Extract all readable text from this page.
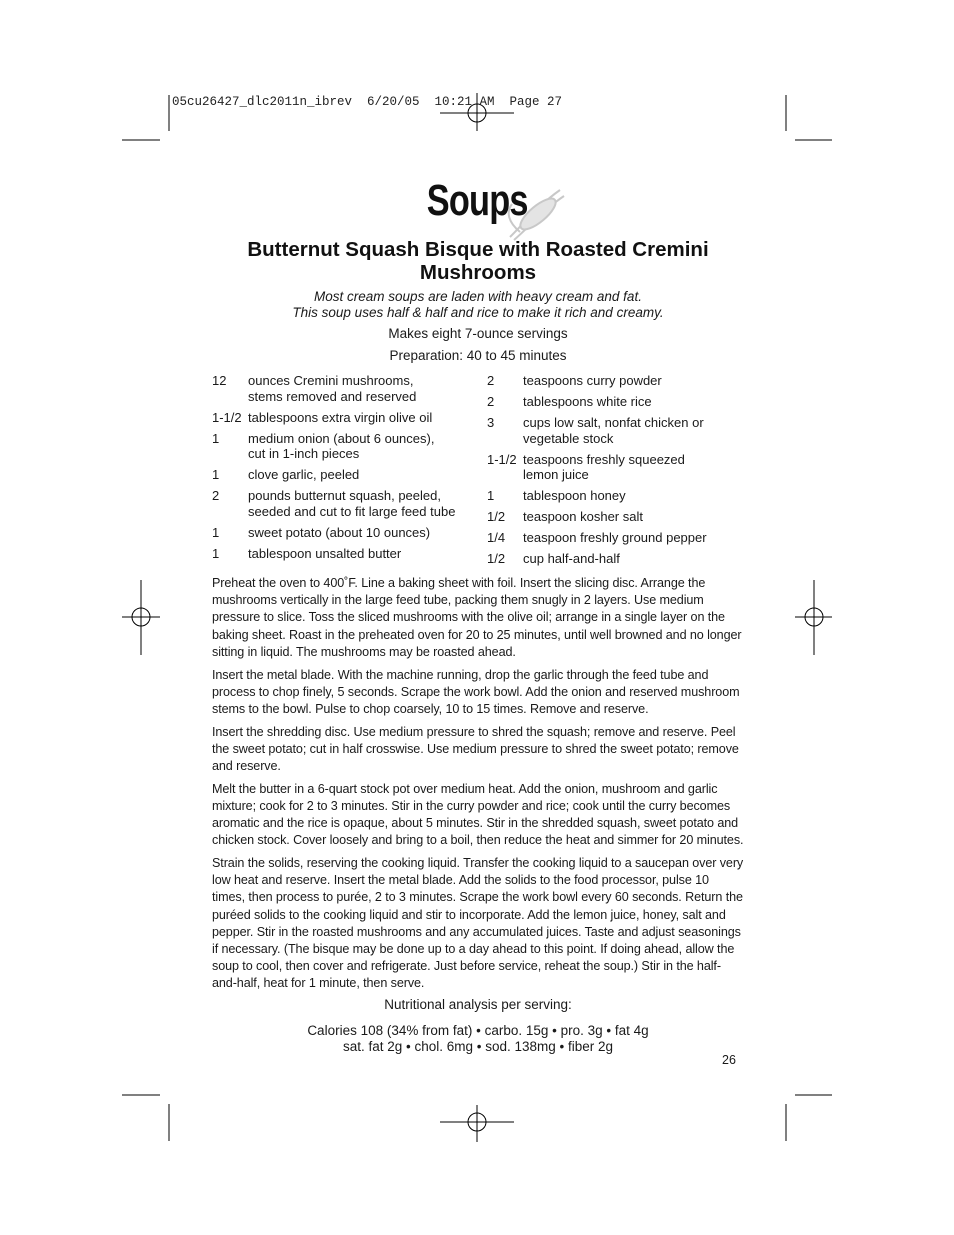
05cu26427_dlc2011n_ibrev  6/20/05  10:21 AM  Page 27
Soups
Butternut Squash Bisque with Roasted Cremini
Mushrooms
Most cream soups are laden with heavy cream and fat.
This soup uses half & half and rice to make it rich and creamy.
Makes eight 7-ounce servings
Preparation: 40 to 45 minutes
12	ounces Cremini mushrooms,
stems removed and reserved
1-1/2 tablespoons extra virgin olive oil
1	medium onion (about 6 ounces),
cut in 1-inch pieces
1	clove garlic, peeled
2	pounds butternut squash, peeled,
seeded and cut to fit large feed tube
1	sweet potato (about 10 ounces)
1	tablespoon unsalted butter
2	teaspoons curry powder
2	tablespoons white rice
3	cups low salt, nonfat chicken or
vegetable stock
1-1/2 teaspoons freshly squeezed
lemon juice
1	tablespoon honey
1/2	teaspoon kosher salt
1/4	teaspoon freshly ground pepper
1/2	cup half-and-half

Preheat the oven to 400˚F. Line a baking sheet with foil. Insert the slicing disc. Arrange the mushrooms vertically in the large feed tube, packing them snugly in 2 layers. Use medium pressure to slice. Toss the sliced mushrooms with the olive oil; arrange in a single layer on the baking sheet. Roast in the preheated oven for 20 to 25 minutes, until well browned and no longer sitting in liquid. The mushrooms may be roasted ahead.

Insert the metal blade. With the machine running, drop the garlic through the feed tube and process to chop finely, 5 seconds. Scrape the work bowl. Add the onion and reserved mushroom stems to the bowl. Pulse to chop coarsely, 10 to 15 times. Remove and reserve.

Insert the shredding disc. Use medium pressure to shred the squash; remove and reserve. Peel the sweet potato; cut in half crosswise. Use medium pressure to shred the sweet potato; remove and reserve.

Melt the butter in a 6-quart stock pot over medium heat. Add the onion, mushroom and garlic mixture; cook for 2 to 3 minutes. Stir in the curry powder and rice; cook until the curry becomes aromatic and the rice is opaque, about 5 minutes. Stir in the shredded squash, sweet potato and chicken stock. Cover loosely and bring to a boil, then reduce the heat and simmer for 20 minutes.

Strain the solids, reserving the cooking liquid. Transfer the cooking liquid to a saucepan over very low heat and reserve. Insert the metal blade. Add the solids to the food processor, pulse 10 times, then process to purée, 2 to 3 minutes. Scrape the work bowl every 60 seconds. Return the puréed solids to the cooking liquid and stir to incorporate. Add the lemon juice, honey, salt and pepper. Stir in the roasted mushrooms and any accumulated juices. Taste and adjust seasonings if necessary. (The bisque may be done up to a day ahead to this point. If doing ahead, allow the soup to cool, then cover and refrigerate. Just before service, reheat the soup.) Stir in the half-and-half, heat for 1 minute, then serve.

Nutritional analysis per serving:
Calories 108 (34% from fat) • carbo. 15g • pro. 3g • fat 4g
sat. fat 2g • chol. 6mg • sod. 138mg • fiber 2g
26
